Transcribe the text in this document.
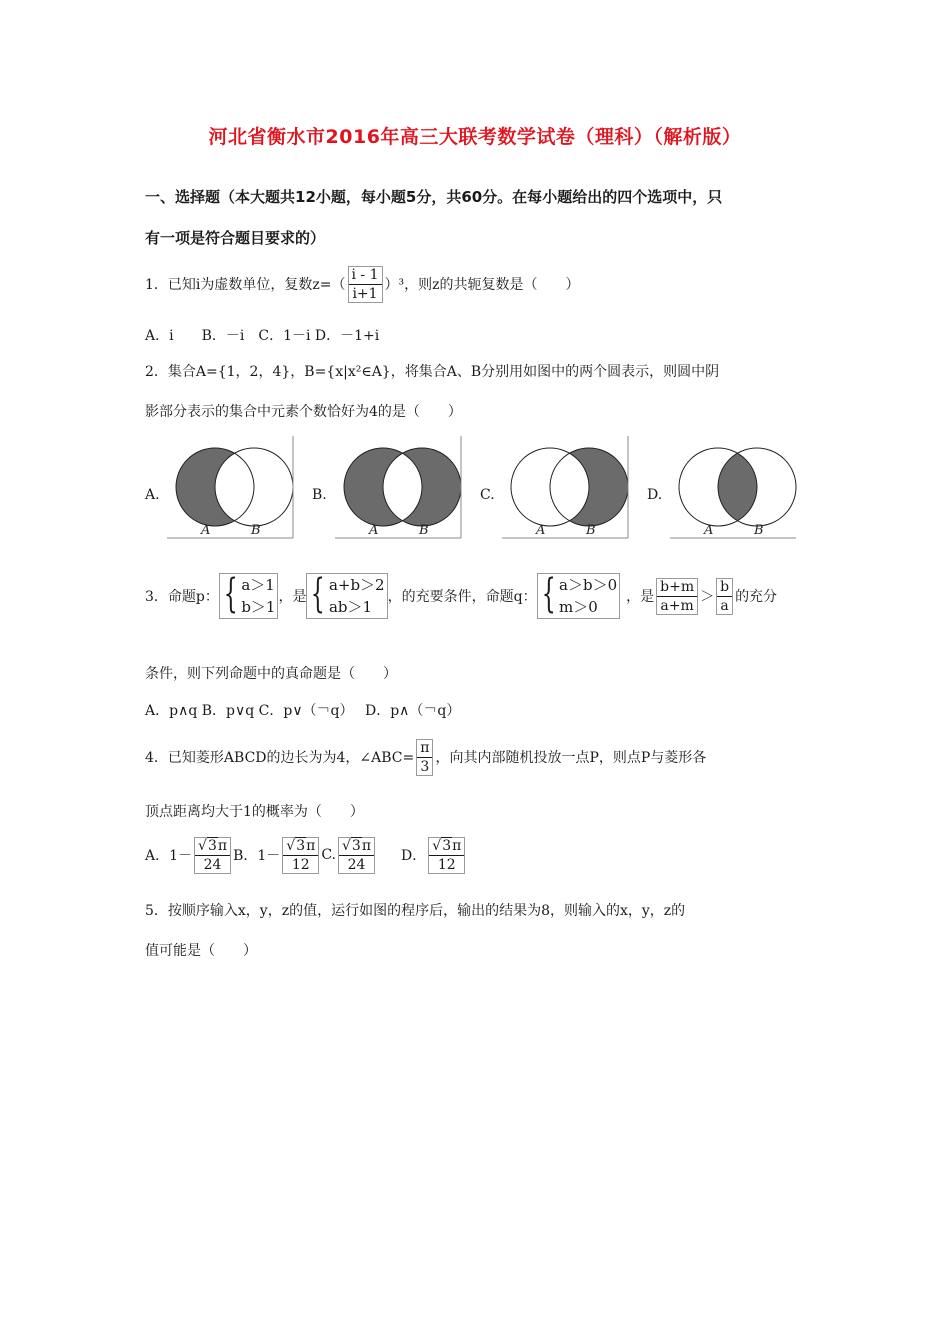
河北省衡水市2016年高三大联考数学试卷（理科）（解析版）
一、选择题（本大题共12小题，每小题5分，共60分。在每小题给出的四个选项中，只
有一项是符合题目要求的）
1．已知i为虚数单位，复数$z=( \frac{i - 1}{i+1} )^3$，则z的共轭复数是（　　）
A．i　　B．－i　C．1－i D．－1+i
2．集合A={1，2，4}，B={x|x²∈A}，将集合A、B分别用如图中的两个圆表示，则圆中阴
影部分表示的集合中元素个数恰好为4的是（　　）
A.
A	B
B.
A	B
C.
A	B
D.
A	B
3．命题p： { a＞1
b＞1
，是 { a+b＞2
ab＞1
，的充要条件，命题q： { a＞b＞0
m＞0
，是 $\frac{b+m}{a+m} > \frac{b}{a}$ 的充分
条件，则下列命题中的真命题是（　　）
A．p∧q B．p∨q C．p∨（￢q）　 D．p∧（￢q）
4．已知菱形ABCD的边长为为4，∠ABC= $\frac{\pi}{3}$ ，向其内部随机投放一点P，则点P与菱形各
顶点距离均大于1的概率为（　　）
A．$1- \frac{√3\pi}{24}$ B．$1- \frac{√3\pi}{12} C$. $\frac{√3\pi}{24}$ D． $\frac{√3\pi}{12}$
5．按顺序输入x，y，z的值，运行如图的程序后，输出的结果为8，则输入的x，y，z的
值可能是（　　）
